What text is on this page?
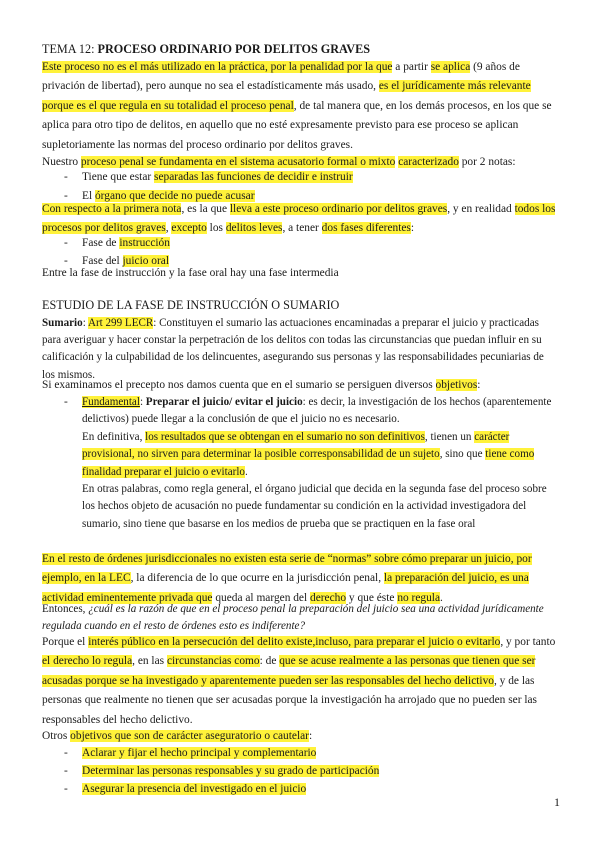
TEMA 12: PROCESO ORDINARIO POR DELITOS GRAVES
Este proceso no es el más utilizado en la práctica, por la penalidad por la que a partir se aplica (9 años de privación de libertad), pero aunque no sea el estadísticamente más usado, es el jurídicamente más relevante porque es el que regula en su totalidad el proceso penal, de tal manera que, en los demás procesos, en los que se aplica para otro tipo de delitos, en aquello que no esté expresamente previsto para ese proceso se aplican supletoriamente las normas del proceso ordinario por delitos graves.
Nuestro proceso penal se fundamenta en el sistema acusatorio formal o mixto caracterizado por 2 notas:
- Tiene que estar separadas las funciones de decidir e instruir
- El órgano que decide no puede acusar
Con respecto a la primera nota, es la que lleva a este proceso ordinario por delitos graves, y en realidad todos los procesos por delitos graves, excepto los delitos leves, a tener dos fases diferentes:
- Fase de instrucción
- Fase del juicio oral
Entre la fase de instrucción y la fase oral hay una fase intermedia
ESTUDIO DE LA FASE DE INSTRUCCIÓN O SUMARIO
Sumario: Art 299 LECR: Constituyen el sumario las actuaciones encaminadas a preparar el juicio y practicadas para averiguar y hacer constar la perpetración de los delitos con todas las circunstancias que puedan influir en su calificación y la culpabilidad de los delincuentes, asegurando sus personas y las responsabilidades pecuniarias de los mismos.
Si examinamos el precepto nos damos cuenta que en el sumario se persiguen diversos objetivos:
- Fundamental: Preparar el juicio/ evitar el juicio: es decir, la investigación de los hechos (aparentemente delictivos) puede llegar a la conclusión de que el juicio no es necesario.
En definitiva, los resultados que se obtengan en el sumario no son definitivos, tienen un carácter provisional, no sirven para determinar la posible corresponsabilidad de un sujeto, sino que tiene como finalidad preparar el juicio o evitarlo.
En otras palabras, como regla general, el órgano judicial que decida en la segunda fase del proceso sobre los hechos objeto de acusación no puede fundamentar su condición en la actividad investigadora del sumario, sino tiene que basarse en los medios de prueba que se practiquen en la fase oral
En el resto de órdenes jurisdiccionales no existen esta serie de “normas” sobre cómo preparar un juicio, por ejemplo, en la LEC, la diferencia de lo que ocurre en la jurisdicción penal, la preparación del juicio, es una actividad eminentemente privada que queda al margen del derecho y que éste no regula.
Entonces, ¿cuál es la razón de que en el proceso penal la preparación del juicio sea una actividad jurídicamente regulada cuando en el resto de órdenes esto es indiferente?
Porque el interés público en la persecución del delito existe,incluso, para preparar el juicio o evitarlo, y por tanto el derecho lo regula, en las circunstancias como: de que se acuse realmente a las personas que tienen que ser acusadas porque se ha investigado y aparentemente pueden ser las responsables del hecho delictivo, y de las personas que realmente no tienen que ser acusadas porque la investigación ha arrojado que no pueden ser las responsables del hecho delictivo.
Otros objetivos que son de carácter aseguratorio o cautelar:
- Aclarar y fijar el hecho principal y complementario
- Determinar las personas responsables y su grado de participación
- Asegurar la presencia del investigado en el juicio
1
